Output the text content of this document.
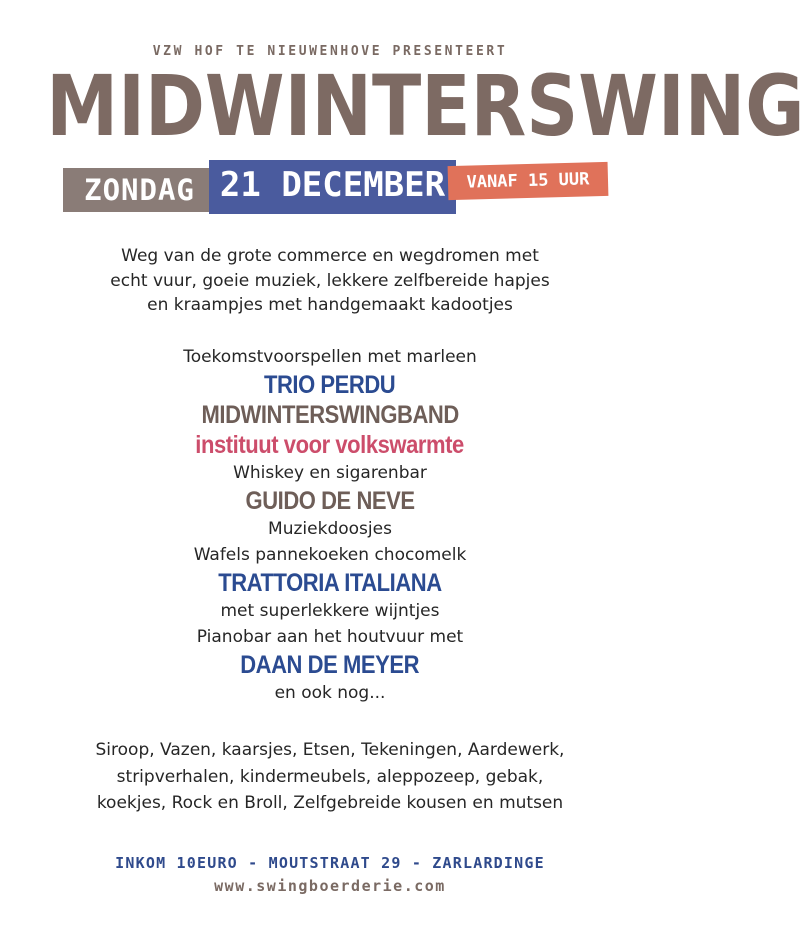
VZW HOF TE NIEUWENHOVE PRESENTEERT
MIDWINTERSWING
ZONDAG 21 DECEMBER	VANAF 15 UUR
Weg van de grote commerce en wegdromen met
echt vuur, goeie muziek, lekkere zelfbereide hapjes
en kraampjes met handgemaakt kadootjes
Toekomstvoorspellen met marleen
TRIO PERDU
MIDWINTERSWINGBAND
instituut voor volkswarmte
Whiskey en sigarenbar
GUIDO DE NEVE
Muziekdoosjes
Wafels pannekoeken chocomelk
TRATTORIA ITALIANA
met superlekkere wijntjes
Pianobar aan het houtvuur met
DAAN DE MEYER
en ook nog...
Siroop, Vazen, kaarsjes, Etsen, Tekeningen, Aardewerk,
stripverhalen, kindermeubels, aleppozeep, gebak,
koekjes, Rock en Broll, Zelfgebreide kousen en mutsen
INKOM 10EURO - MOUTSTRAAT 29 - ZARLARDINGE
www.swingboerderie.com
